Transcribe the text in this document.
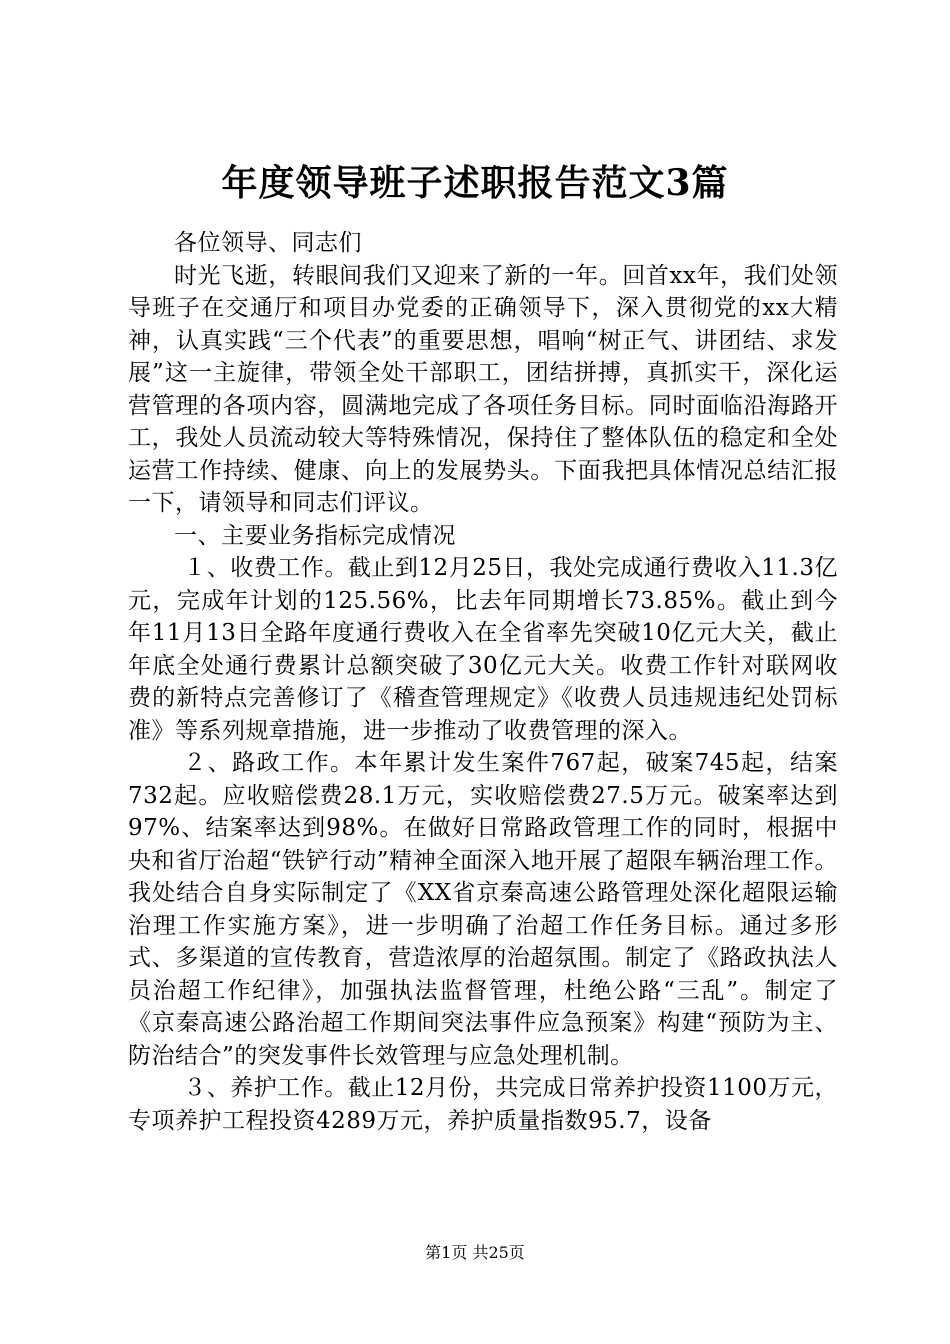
年度领导班子述职报告范文3篇

各位领导、同志们

时光飞逝，转眼间我们又迎来了新的一年。回首xx年，我们处领导班子在交通厅和项目办党委的正确领导下，深入贯彻党的xx大精神，认真实践“三个代表”的重要思想，唱响“树正气、讲团结、求发展”这一主旋律，带领全处干部职工，团结拼搏，真抓实干，深化运营管理的各项内容，圆满地完成了各项任务目标。同时面临沿海路开工，我处人员流动较大等特殊情况，保持住了整体队伍的稳定和全处运营工作持续、健康、向上的发展势头。下面我把具体情况总结汇报一下，请领导和同志们评议。

一、主要业务指标完成情况

１、收费工作。截止到12月25日，我处完成通行费收入11.3亿元，完成年计划的125.56%，比去年同期增长73.85%。截止到今年11月13日全路年度通行费收入在全省率先突破10亿元大关，截止年底全处通行费累计总额突破了30亿元大关。收费工作针对联网收费的新特点完善修订了《稽查管理规定》《收费人员违规违纪处罚标准》等系列规章措施，进一步推动了收费管理的深入。

２、路政工作。本年累计发生案件767起，破案745起，结案732起。应收赔偿费28.1万元，实收赔偿费27.5万元。破案率达到97%、结案率达到98%。在做好日常路政管理工作的同时，根据中央和省厅治超“铁铲行动”精神全面深入地开展了超限车辆治理工作。我处结合自身实际制定了《XX省京秦高速公路管理处深化超限运输治理工作实施方案》，进一步明确了治超工作任务目标。通过多形式、多渠道的宣传教育，营造浓厚的治超氛围。制定了《路政执法人员治超工作纪律》，加强执法监督管理，杜绝公路“三乱”。制定了《京秦高速公路治超工作期间突法事件应急预案》构建“预防为主、防治结合”的突发事件长效管理与应急处理机制。

３、养护工作。截止12月份，共完成日常养护投资1100万元，专项养护工程投资4289万元，养护质量指数95.7，设备

第1页 共25页
